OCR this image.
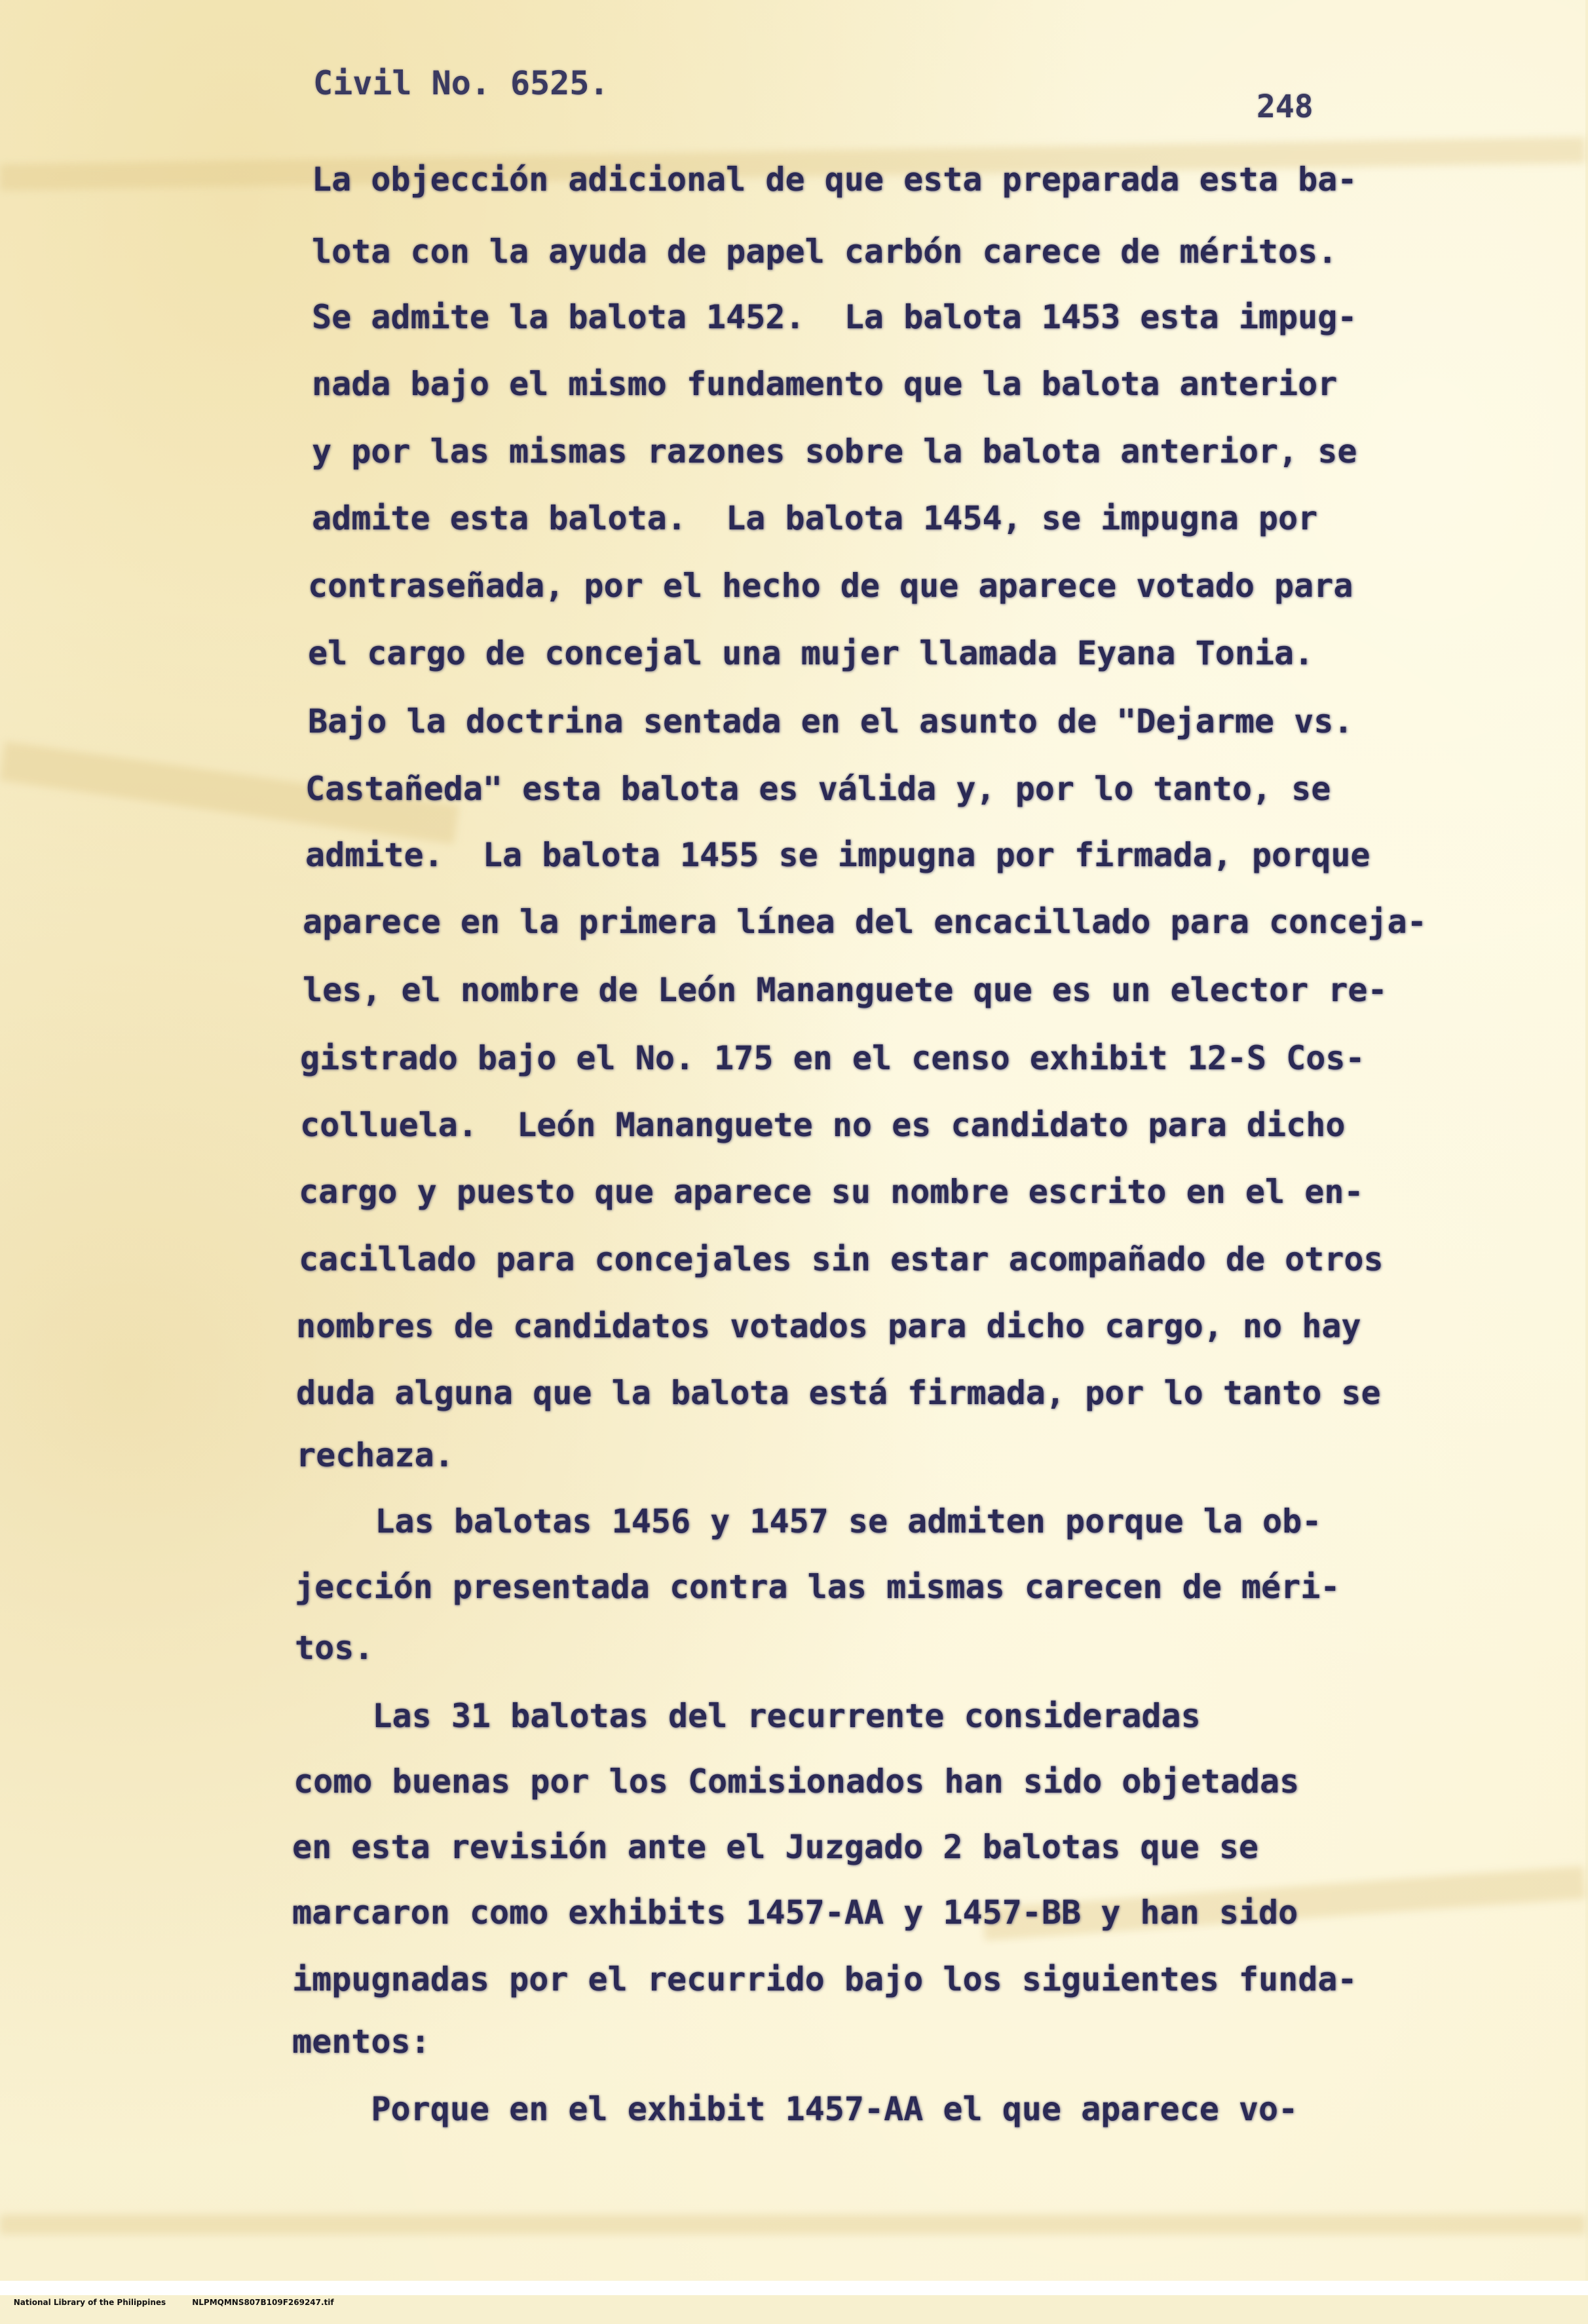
Civil No. 6525.
248
La objección adicional de que esta preparada esta ba-
lota con la ayuda de papel carbón carece de méritos.
Se admite la balota 1452.  La balota 1453 esta impug-
nada bajo el mismo fundamento que la balota anterior
y por las mismas razones sobre la balota anterior, se
admite esta balota.  La balota 1454, se impugna por
contraseñada, por el hecho de que aparece votado para
el cargo de concejal una mujer llamada Eyana Tonia.
Bajo la doctrina sentada en el asunto de "Dejarme vs.
Castañeda" esta balota es válida y, por lo tanto, se
admite.  La balota 1455 se impugna por firmada, porque
aparece en la primera línea del encacillado para conceja-
les, el nombre de León Mananguete que es un elector re-
gistrado bajo el No. 175 en el censo exhibit 12-S Cos-
colluela.  León Mananguete no es candidato para dicho
cargo y puesto que aparece su nombre escrito en el en-
cacillado para concejales sin estar acompañado de otros
nombres de candidatos votados para dicho cargo, no hay
duda alguna que la balota está firmada, por lo tanto se
rechaza.
Las balotas 1456 y 1457 se admiten porque la ob-
jección presentada contra las mismas carecen de méri-
tos.
Las 31 balotas del recurrente consideradas
como buenas por los Comisionados han sido objetadas
en esta revisión ante el Juzgado 2 balotas que se
marcaron como exhibits 1457-AA y 1457-BB y han sido
impugnadas por el recurrido bajo los siguientes funda-
mentos:
Porque en el exhibit 1457-AA el que aparece vo-

National Library of the Philippines	NLPMQMNS807B109F269247.tif
